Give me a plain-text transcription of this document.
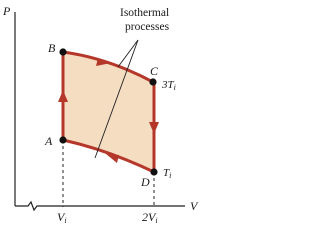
P
V
Vi	2Vi
Isothermal
processes
A
B
C
D
3Ti
Ti
